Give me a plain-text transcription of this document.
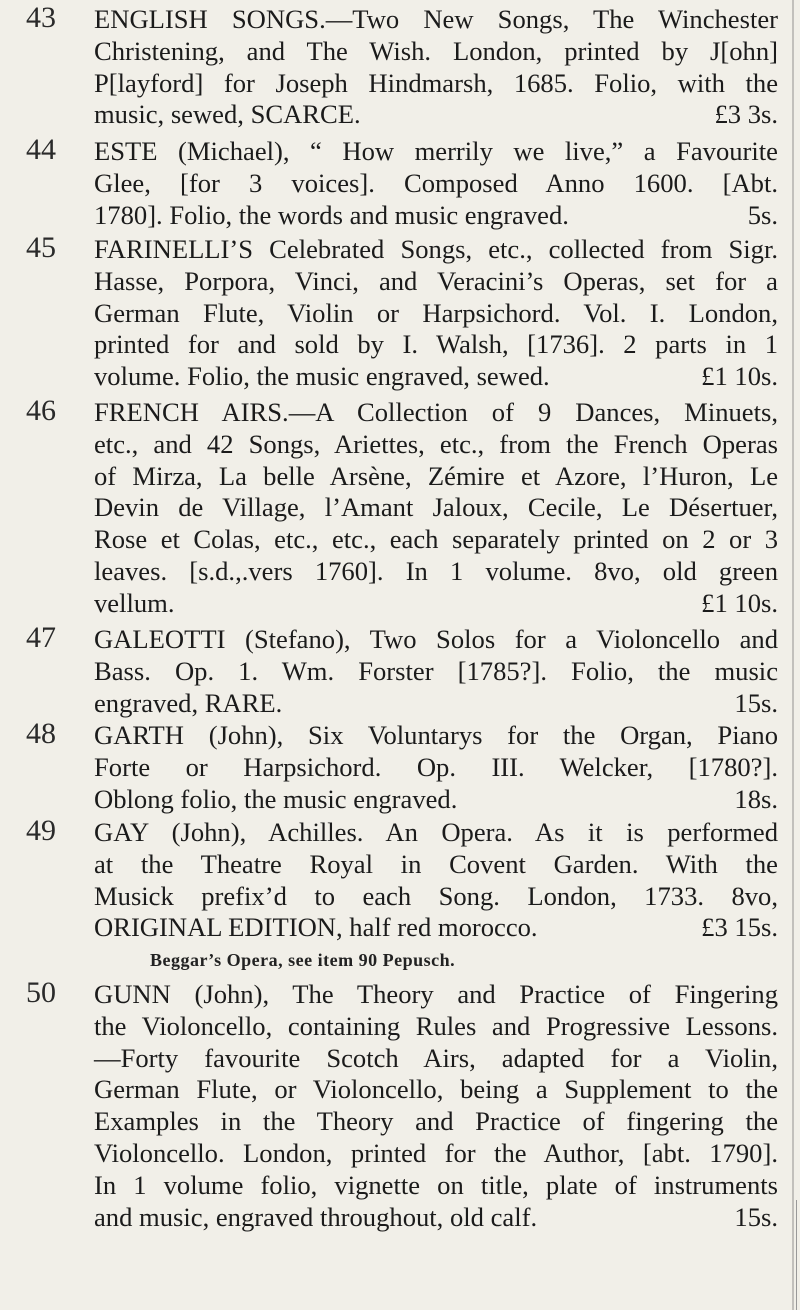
43	ENGLISH SONGS.—Two New Songs, The Winchester
Christening, and The Wish. London, printed by J[ohn]
P[layford] for Joseph Hindmarsh, 1685. Folio, with the
music, sewed, SCARCE.	£3 3s.
44	ESTE (Michael), “ How merrily we live,” a Favourite
Glee, [for 3 voices]. Composed Anno 1600. [Abt.
1780]. Folio, the words and music engraved.	5s.
45	FARINELLI’S Celebrated Songs, etc., collected from Sigr.
Hasse, Porpora, Vinci, and Veracini’s Operas, set for a
German Flute, Violin or Harpsichord. Vol. I. London,
printed for and sold by I. Walsh, [1736]. 2 parts in 1
volume. Folio, the music engraved, sewed.	£1 10s.
46	FRENCH AIRS.—A Collection of 9 Dances, Minuets,
etc., and 42 Songs, Ariettes, etc., from the French Operas
of Mirza, La belle Arsène, Zémire et Azore, l’Huron, Le
Devin de Village, l’Amant Jaloux, Cecile, Le Désertuer,
Rose et Colas, etc., etc., each separately printed on 2 or 3
leaves. [s.d.,.vers 1760]. In 1 volume. 8vo, old green
vellum.	£1 10s.
47	GALEOTTI (Stefano), Two Solos for a Violoncello and
Bass. Op. 1. Wm. Forster [1785?]. Folio, the music
engraved, RARE.	15s.
48	GARTH (John), Six Voluntarys for the Organ, Piano
Forte or Harpsichord. Op. III. Welcker, [1780?].
Oblong folio, the music engraved.	18s.
49	GAY (John), Achilles. An Opera. As it is performed
at the Theatre Royal in Covent Garden. With the
Musick prefix’d to each Song. London, 1733. 8vo,
ORIGINAL EDITION, half red morocco.	£3 15s.
Beggar’s Opera, see item 90 Pepusch.
50	GUNN (John), The Theory and Practice of Fingering
the Violoncello, containing Rules and Progressive Lessons.
—Forty favourite Scotch Airs, adapted for a Violin,
German Flute, or Violoncello, being a Supplement to the
Examples in the Theory and Practice of fingering the
Violoncello. London, printed for the Author, [abt. 1790].
In 1 volume folio, vignette on title, plate of instruments
and music, engraved throughout, old calf.	15s.
